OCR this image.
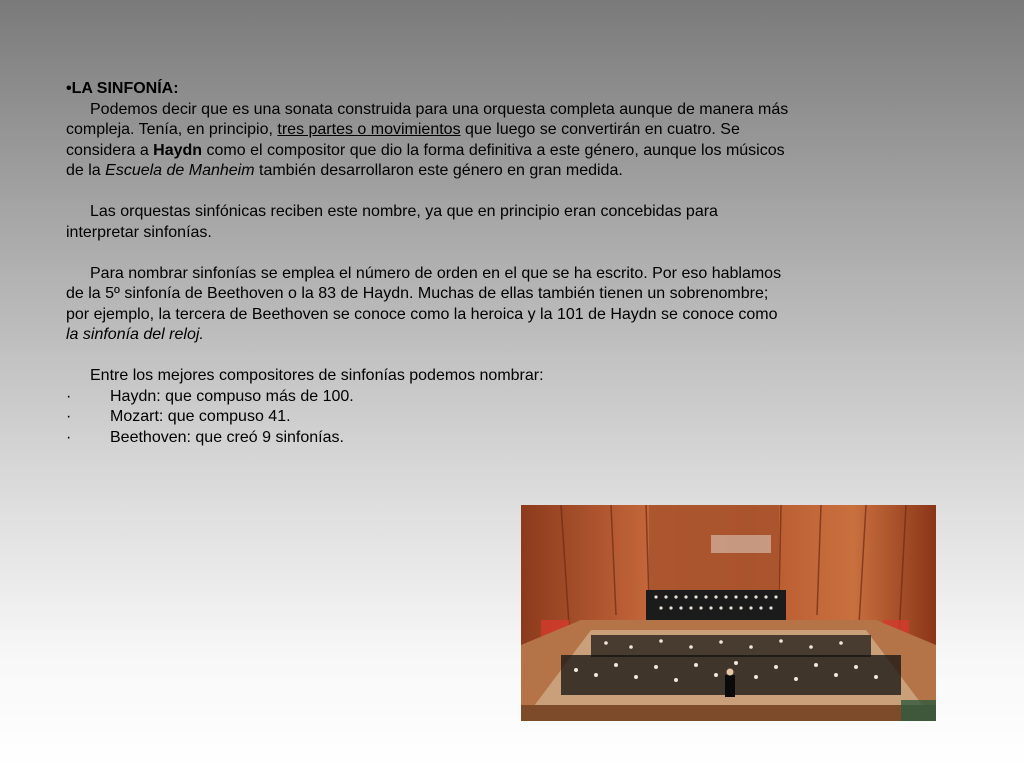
•LA SINFONÍA:

Podemos decir que es una sonata construida para una orquesta completa aunque de manera más compleja. Tenía, en principio, tres partes o movimientos que luego se convertirán en cuatro. Se considera a Haydn como el compositor que dio la forma definitiva a este género, aunque los músicos de la Escuela de Manheim también desarrollaron este género en gran medida.

Las orquestas sinfónicas reciben este nombre, ya que en principio eran concebidas para interpretar sinfonías.

Para nombrar sinfonías se emplea el número de orden en el que se ha escrito. Por eso hablamos de la 5º sinfonía de Beethoven o la 83 de Haydn. Muchas de ellas también tienen un sobrenombre; por ejemplo, la tercera de Beethoven se conoce como la heroica y la 101 de Haydn se conoce como la sinfonía del reloj.

Entre los mejores compositores de sinfonías podemos nombrar:

·	Haydn: que compuso más de 100.
·	Mozart: que compuso 41.
·	Beethoven: que creó 9 sinfonías.
